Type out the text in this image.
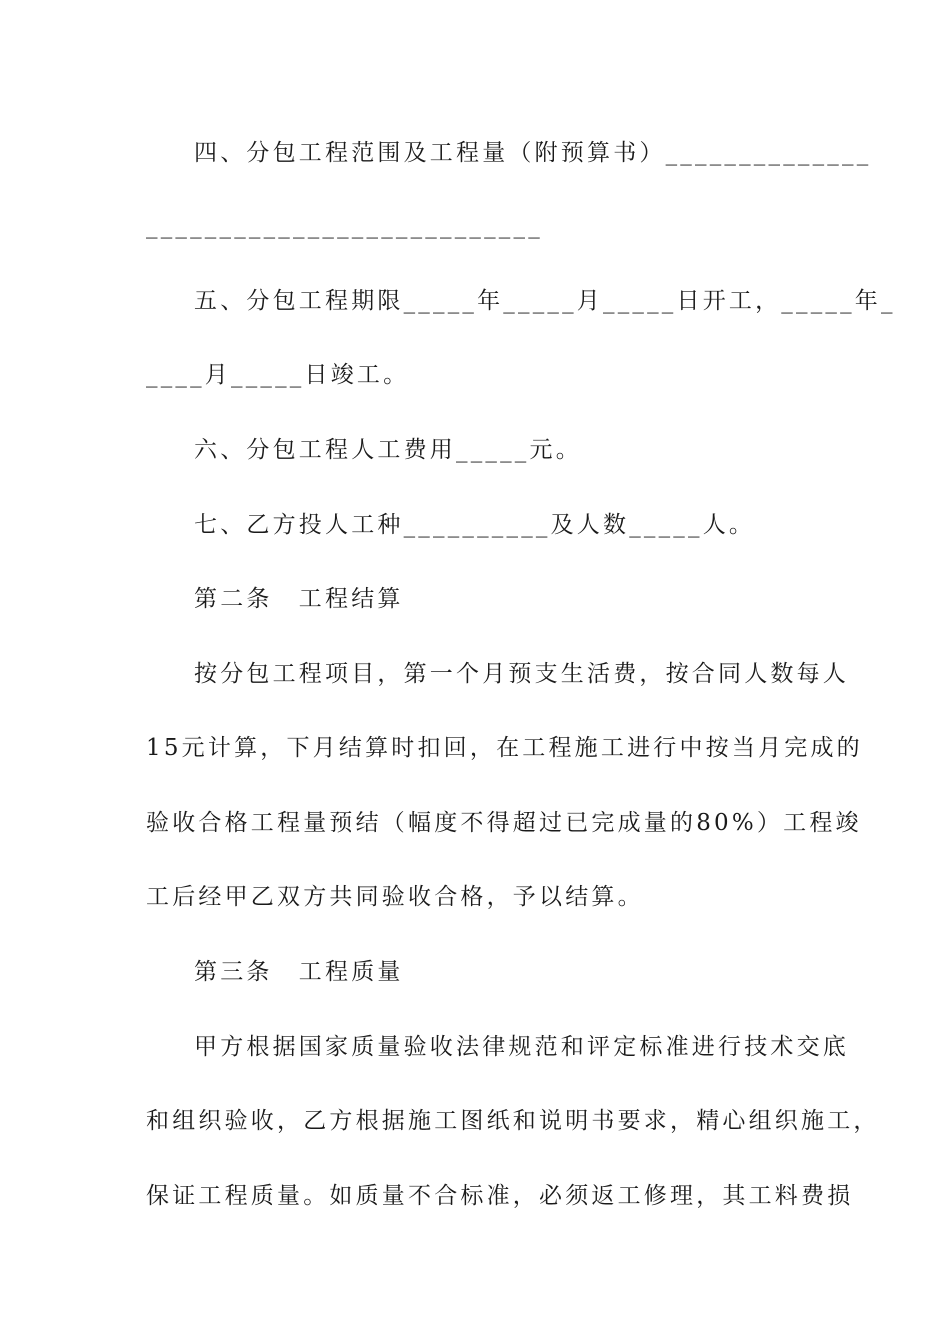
四、分包工程范围及工程量（附预算书）______________
___________________________
五、分包工程期限_____年_____月_____日开工，_____年_
____月_____日竣工。
六、分包工程人工费用_____元。
七、乙方投人工种__________及人数_____人。
第二条　工程结算
按分包工程项目，第一个月预支生活费，按合同人数每人
15元计算，下月结算时扣回，在工程施工进行中按当月完成的
验收合格工程量预结（幅度不得超过已完成量的80%）工程竣
工后经甲乙双方共同验收合格，予以结算。
第三条　工程质量
甲方根据国家质量验收法律规范和评定标准进行技术交底
和组织验收，乙方根据施工图纸和说明书要求，精心组织施工，
保证工程质量。如质量不合标准，必须返工修理，其工料费损
